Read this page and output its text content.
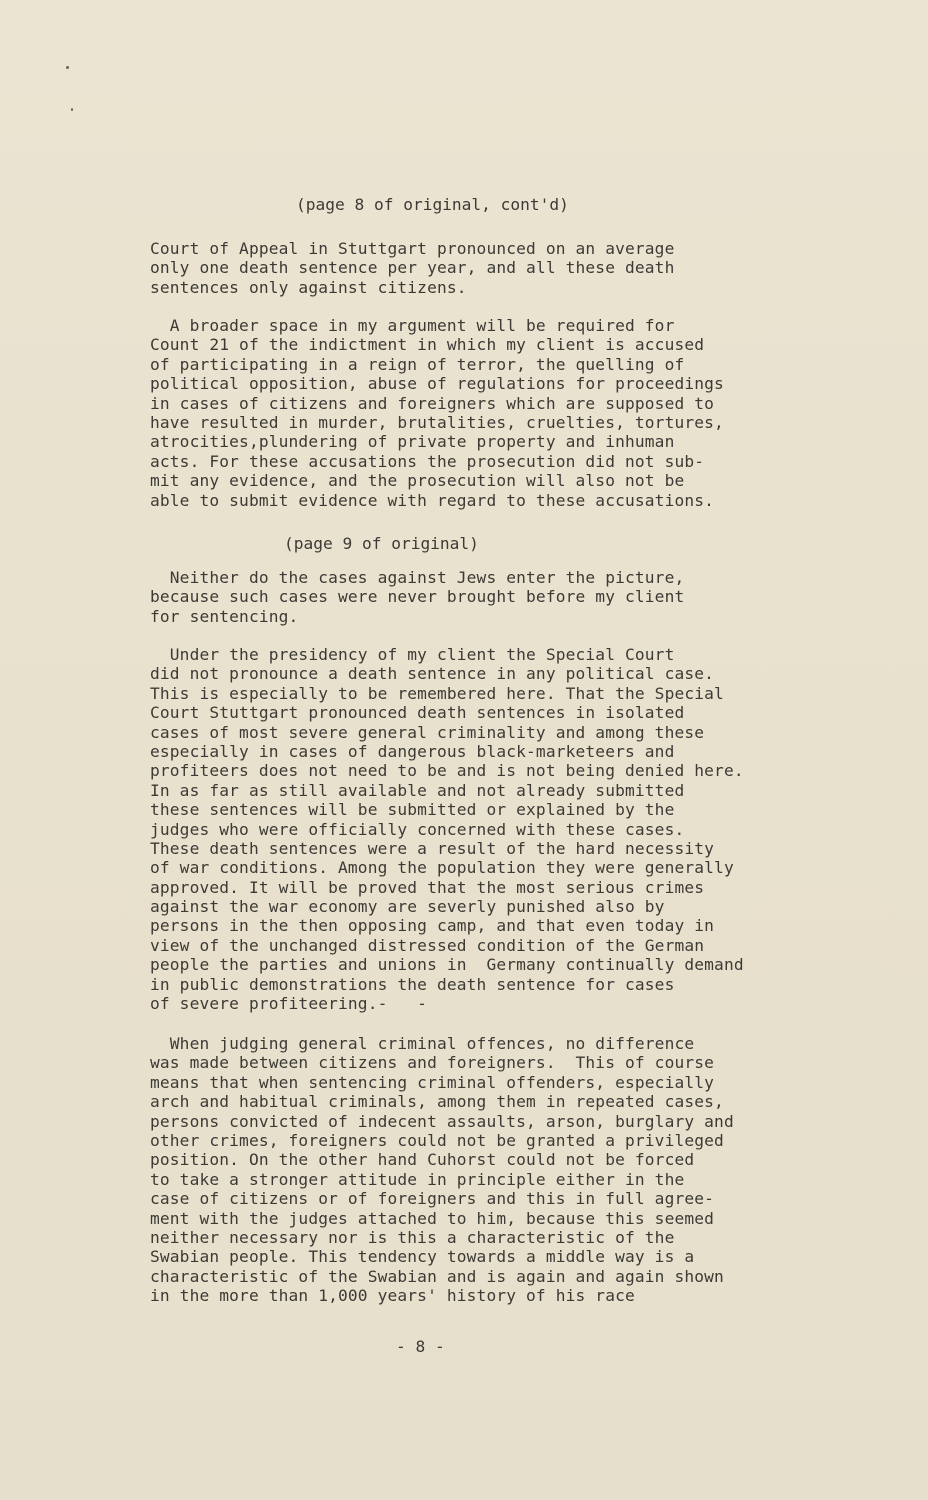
(page 8 of original, cont'd)
Court of Appeal in Stuttgart pronounced on an average
only one death sentence per year, and all these death
sentences only against citizens.
A broader space in my argument will be required for
Count 21 of the indictment in which my client is accused
of participating in a reign of terror, the quelling of
political opposition, abuse of regulations for proceedings
in cases of citizens and foreigners which are supposed to
have resulted in murder, brutalities, cruelties, tortures,
atrocities,plundering of private property and inhuman
acts. For these accusations the prosecution did not sub-
mit any evidence, and the prosecution will also not be
able to submit evidence with regard to these accusations.
(page 9 of original)
Neither do the cases against Jews enter the picture,
because such cases were never brought before my client
for sentencing.
Under the presidency of my client the Special Court
did not pronounce a death sentence in any political case.
This is especially to be remembered here. That the Special
Court Stuttgart pronounced death sentences in isolated
cases of most severe general criminality and among these
especially in cases of dangerous black-marketeers and
profiteers does not need to be and is not being denied here.
In as far as still available and not already submitted
these sentences will be submitted or explained by the
judges who were officially concerned with these cases.
These death sentences were a result of the hard necessity
of war conditions. Among the population they were generally
approved. It will be proved that the most serious crimes
against the war economy are severly punished also by
persons in the then opposing camp, and that even today in
view of the unchanged distressed condition of the German
people the parties and unions in  Germany continually demand
in public demonstrations the death sentence for cases
of severe profiteering.-   -
When judging general criminal offences, no difference
was made between citizens and foreigners.  This of course
means that when sentencing criminal offenders, especially
arch and habitual criminals, among them in repeated cases,
persons convicted of indecent assaults, arson, burglary and
other crimes, foreigners could not be granted a privileged
position. On the other hand Cuhorst could not be forced
to take a stronger attitude in principle either in the
case of citizens or of foreigners and this in full agree-
ment with the judges attached to him, because this seemed
neither necessary nor is this a characteristic of the
Swabian people. This tendency towards a middle way is a
characteristic of the Swabian and is again and again shown
in the more than 1,000 years' history of his race
- 8 -
